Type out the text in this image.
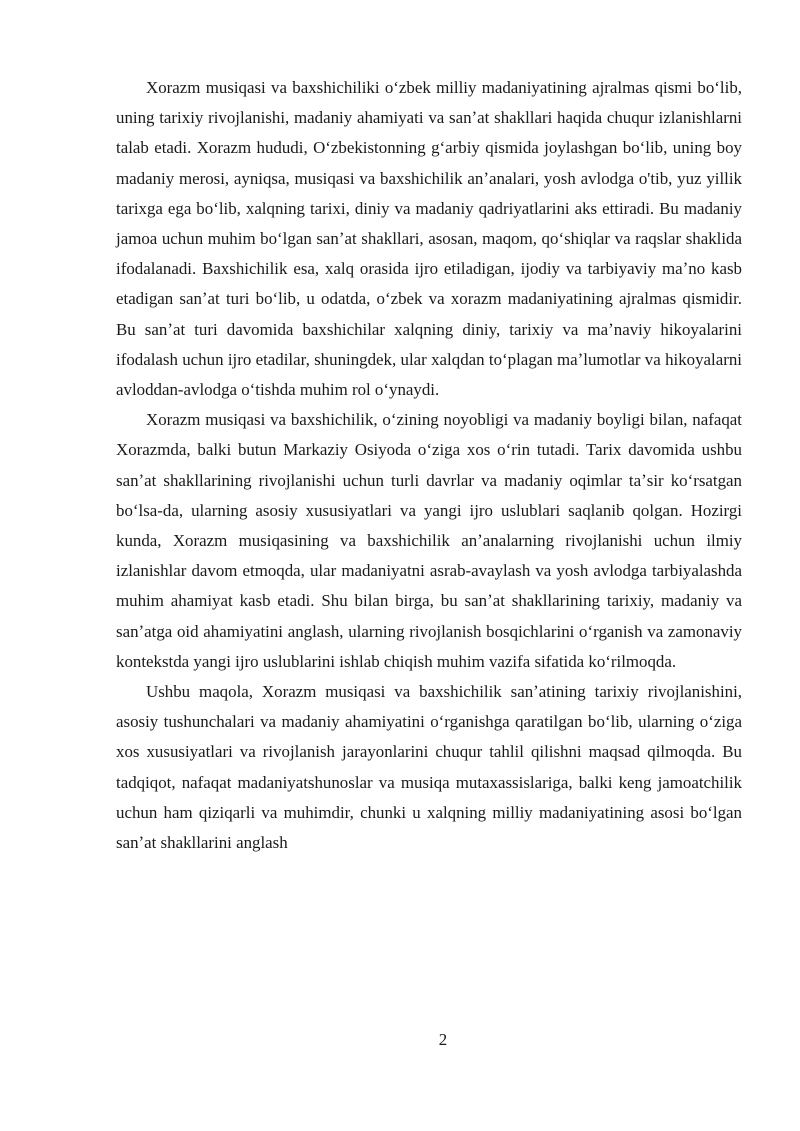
Xorazm musiqasi va baxshichiliki oʻzbek milliy madaniyatining ajralmas qismi boʻlib, uning tarixiy rivojlanishi, madaniy ahamiyati va sanʼat shakllari haqida chuqur izlanishlarni talab etadi. Xorazm hududi, Oʻzbekistonning gʻarbiy qismida joylashgan boʻlib, uning boy madaniy merosi, ayniqsa, musiqasi va baxshichilik anʼanalari, yosh avlodga o'tib, yuz yillik tarixga ega boʻlib, xalqning tarixi, diniy va madaniy qadriyatlarini aks ettiradi. Bu madaniy jamoa uchun muhim boʻlgan sanʼat shakllari, asosan, maqom, qoʻshiqlar va raqslar shaklida ifodalanadi. Baxshichilik esa, xalq orasida ijro etiladigan, ijodiy va tarbiyaviy maʼno kasb etadigan sanʼat turi boʻlib, u odatda, oʻzbek va xorazm madaniyatining ajralmas qismidir. Bu sanʼat turi davomida baxshichilar xalqning diniy, tarixiy va maʼnaviy hikoyalarini ifodalash uchun ijro etadilar, shuningdek, ular xalqdan toʻplagan maʼlumotlar va hikoyalarni avloddan-avlodga oʻtishda muhim rol oʻynaydi.

Xorazm musiqasi va baxshichilik, oʻzining noyobligi va madaniy boyligi bilan, nafaqat Xorazmda, balki butun Markaziy Osiyoda oʻziga xos oʻrin tutadi. Tarix davomida ushbu sanʼat shakllarining rivojlanishi uchun turli davrlar va madaniy oqimlar taʼsir koʻrsatgan boʻlsa-da, ularning asosiy xususiyatlari va yangi ijro uslublari saqlanib qolgan. Hozirgi kunda, Xorazm musiqasining va baxshichilik anʼanalarning rivojlanishi uchun ilmiy izlanishlar davom etmoqda, ular madaniyatni asrab-avaylash va yosh avlodga tarbiyalashda muhim ahamiyat kasb etadi. Shu bilan birga, bu sanʼat shakllarining tarixiy, madaniy va sanʼatga oid ahamiyatini anglash, ularning rivojlanish bosqichlarini oʻrganish va zamonaviy kontekstda yangi ijro uslublarini ishlab chiqish muhim vazifa sifatida koʻrilmoqda.

Ushbu maqola, Xorazm musiqasi va baxshichilik sanʼatining tarixiy rivojlanishini, asosiy tushunchalari va madaniy ahamiyatini oʻrganishga qaratilgan boʻlib, ularning oʻziga xos xususiyatlari va rivojlanish jarayonlarini chuqur tahlil qilishni maqsad qilmoqda. Bu tadqiqot, nafaqat madaniyatshunoslar va musiqa mutaxassislariga, balki keng jamoatchilik uchun ham qiziqarli va muhimdir, chunki u xalqning milliy madaniyatining asosi boʻlgan sanʼat shakllarini anglash

2
